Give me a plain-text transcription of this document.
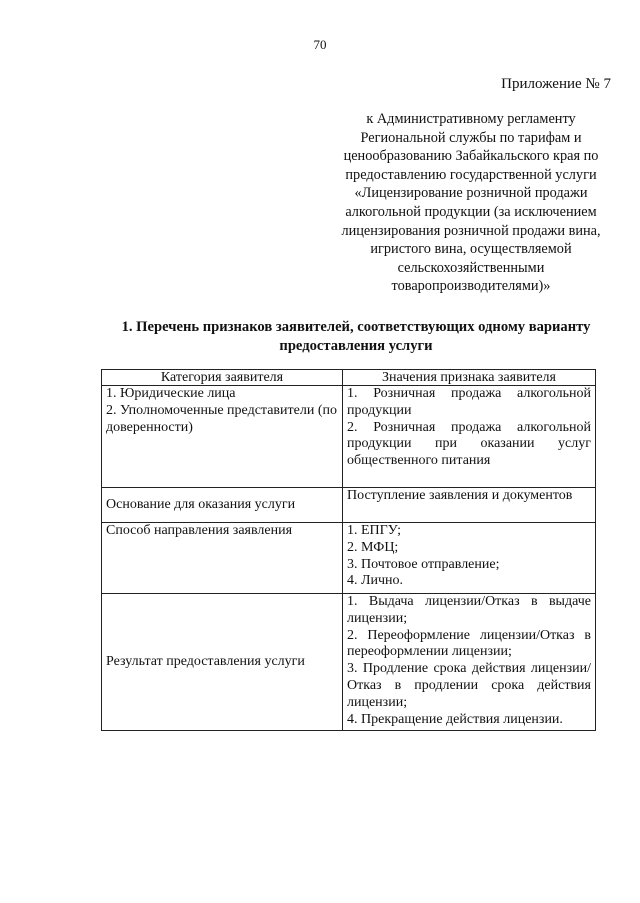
70
Приложение № 7
к Административному регламенту
Региональной службы по тарифам и
ценообразованию Забайкальского края по
предоставлению государственной услуги
«Лицензирование розничной продажи
алкогольной продукции (за исключением
лицензирования розничной продажи вина,
игристого вина, осуществляемой
сельскохозяйственными
товаропроизводителями)»
1. Перечень признаков заявителей, соответствующих одному варианту предоставления услуги
Категория заявителя	Значения признака заявителя

1. Юридические лица
2. Уполномоченные представители (по доверенности)	1. Розничная продажа алкогольной продукции
2. Розничная продажа алкогольной продукции при оказании услуг общественного питания

Основание для оказания услуги	Поступление заявления и документов

Способ направления заявления	1. ЕПГУ;
2. МФЦ;
3. Почтовое отправление;
4. Лично.

Результат предоставления услуги	1. Выдача лицензии/Отказ в выдаче лицензии;
2. Переоформление лицензии/Отказ в переоформлении лицензии;
3. Продление срока действия лицензии/Отказ в продлении срока действия лицензии;
4. Прекращение действия лицензии.
